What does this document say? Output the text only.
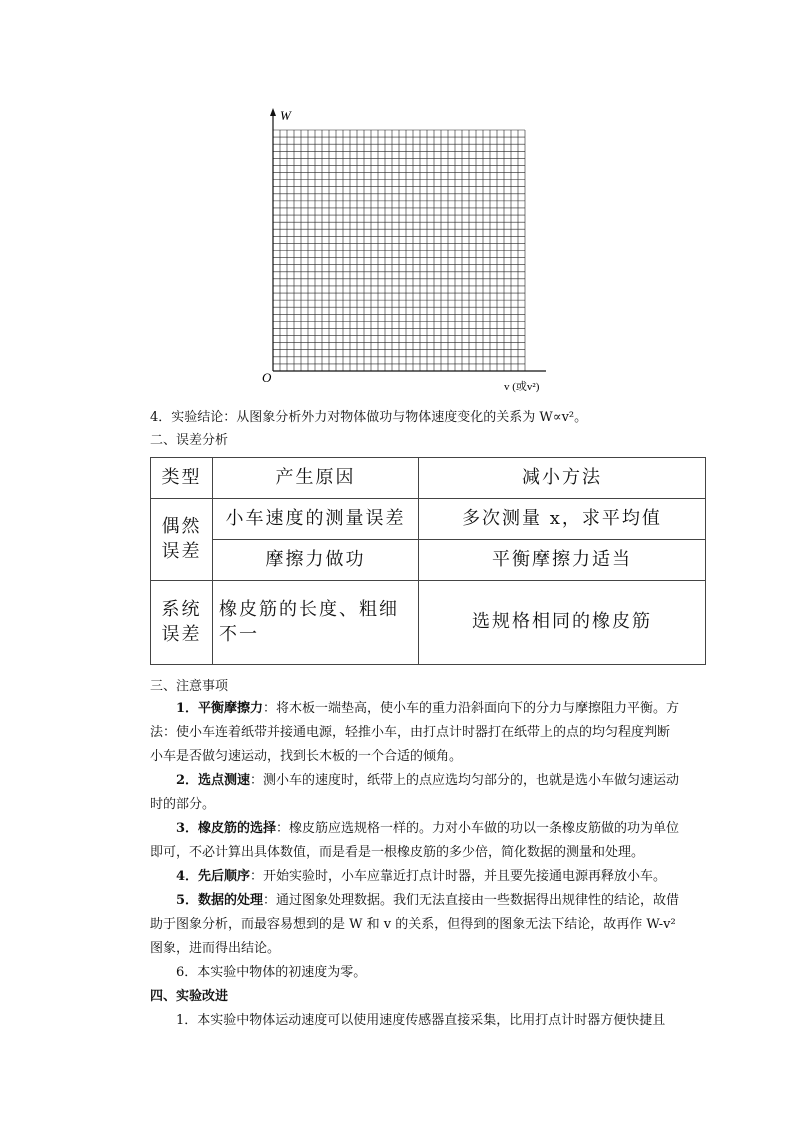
W
O
v (或v²)
4．实验结论：从图象分析外力对物体做功与物体速度变化的关系为 W∝v²。
二、误差分析
类型	产生原因	减小方法
偶然误差	小车速度的测量误差	多次测量 x，求平均值
	摩擦力做功	平衡摩擦力适当
系统误差	橡皮筋的长度、粗细不一	选规格相同的橡皮筋
三、注意事项

1．平衡摩擦力：将木板一端垫高，使小车的重力沿斜面向下的分力与摩擦阻力平衡。方法：使小车连着纸带并接通电源，轻推小车，由打点计时器打在纸带上的点的均匀程度判断小车是否做匀速运动，找到长木板的一个合适的倾角。

2．选点测速：测小车的速度时，纸带上的点应选均匀部分的，也就是选小车做匀速运动时的部分。

3．橡皮筋的选择：橡皮筋应选规格一样的。力对小车做的功以一条橡皮筋做的功为单位即可，不必计算出具体数值，而是看是一根橡皮筋的多少倍，简化数据的测量和处理。

4．先后顺序：开始实验时，小车应靠近打点计时器，并且要先接通电源再释放小车。

5．数据的处理：通过图象处理数据。我们无法直接由一些数据得出规律性的结论，故借助于图象分析，而最容易想到的是 W 和 v 的关系，但得到的图象无法下结论，故再作 W-v² 图象，进而得出结论。

6．本实验中物体的初速度为零。

四、实验改进

1．本实验中物体运动速度可以使用速度传感器直接采集，比用打点计时器方便快捷且
